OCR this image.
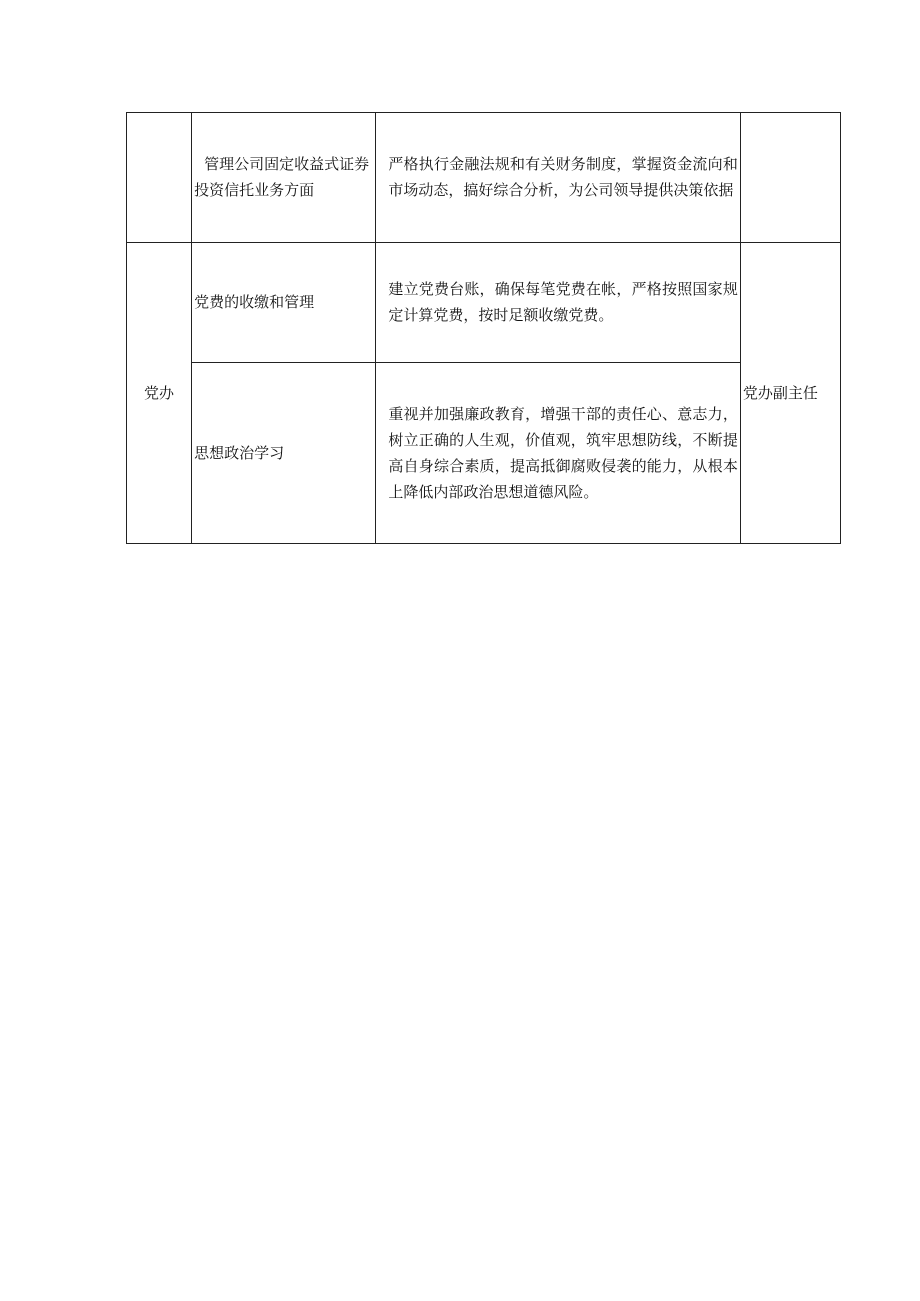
	管理公司固定收益式证券投资信托业务方面	严格执行金融法规和有关财务制度，掌握资金流向和市场动态，搞好综合分析，为公司领导提供决策依据	
党办	党费的收缴和管理	建立党费台账，确保每笔党费在帐，严格按照国家规定计算党费，按时足额收缴党费。	党办副主任
	思想政治学习	重视并加强廉政教育，增强干部的责任心、意志力，树立正确的人生观，价值观，筑牢思想防线，不断提高自身综合素质，提高抵御腐败侵袭的能力，从根本上降低内部政治思想道德风险。	
